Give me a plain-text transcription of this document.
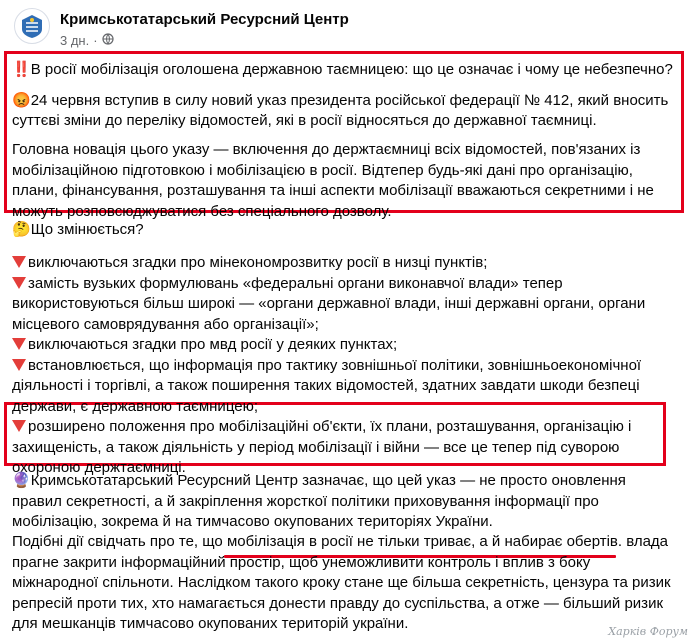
Кримськотатарський Ресурсний Центр
3 дн. ·

‼️В росії мобілізація оголошена державною таємницею: що це означає і чому це небезпечно?

😡24 червня вступив в силу новий указ президента російської федерації № 412, який вносить суттєві зміни до переліку відомостей, які в росії відносяться до державної таємниці.

Головна новація цього указу — включення до держтаємниці всіх відомостей, пов'язаних із мобілізаційною підготовкою і мобілізацією в росії. Відтепер будь-які дані про організацію, плани, фінансування, розташування та інші аспекти мобілізації вважаються секретними і не можуть розповсюджуватися без спеціального дозволу.

🤔Що змінюється?

виключаються згадки про мінекономрозвитку росії в низці пунктів;

замість вузьких формулювань «федеральні органи виконавчої влади» тепер використовуються більш широкі — «органи державної влади, інші державні органи, органи місцевого самоврядування або організації»;

виключаються згадки про мвд росії у деяких пунктах;

встановлюється, що інформація про тактику зовнішньої політики, зовнішньоекономічної діяльності і торгівлі, а також поширення таких відомостей, здатних завдати шкоди безпеці держави, є державною таємницею;

розширено положення про мобілізаційні об'єкти, їх плани, розташування, організацію і захищеність, а також діяльність у період мобілізації і війни — все це тепер під суворою охороною держтаємниці.

🔮Кримськотатарський Ресурсний Центр зазначає, що цей указ — не просто оновлення правил секретності, а й закріплення жорсткої політики приховування інформації про мобілізацію, зокрема й на тимчасово окупованих територіях України.

Подібні дії свідчать про те, що мобілізація в росії не тільки триває, а й набирає обертів. влада прагне закрити інформаційний простір, щоб унеможливити контроль і вплив з боку міжнародної спільноти. Наслідком такого кроку стане ще більша секретність, цензура та ризик репресій проти тих, хто намагається донести правду до суспільства, а отже — більший ризик для мешканців тимчасово окупованих територій україни.	Харків Форум
